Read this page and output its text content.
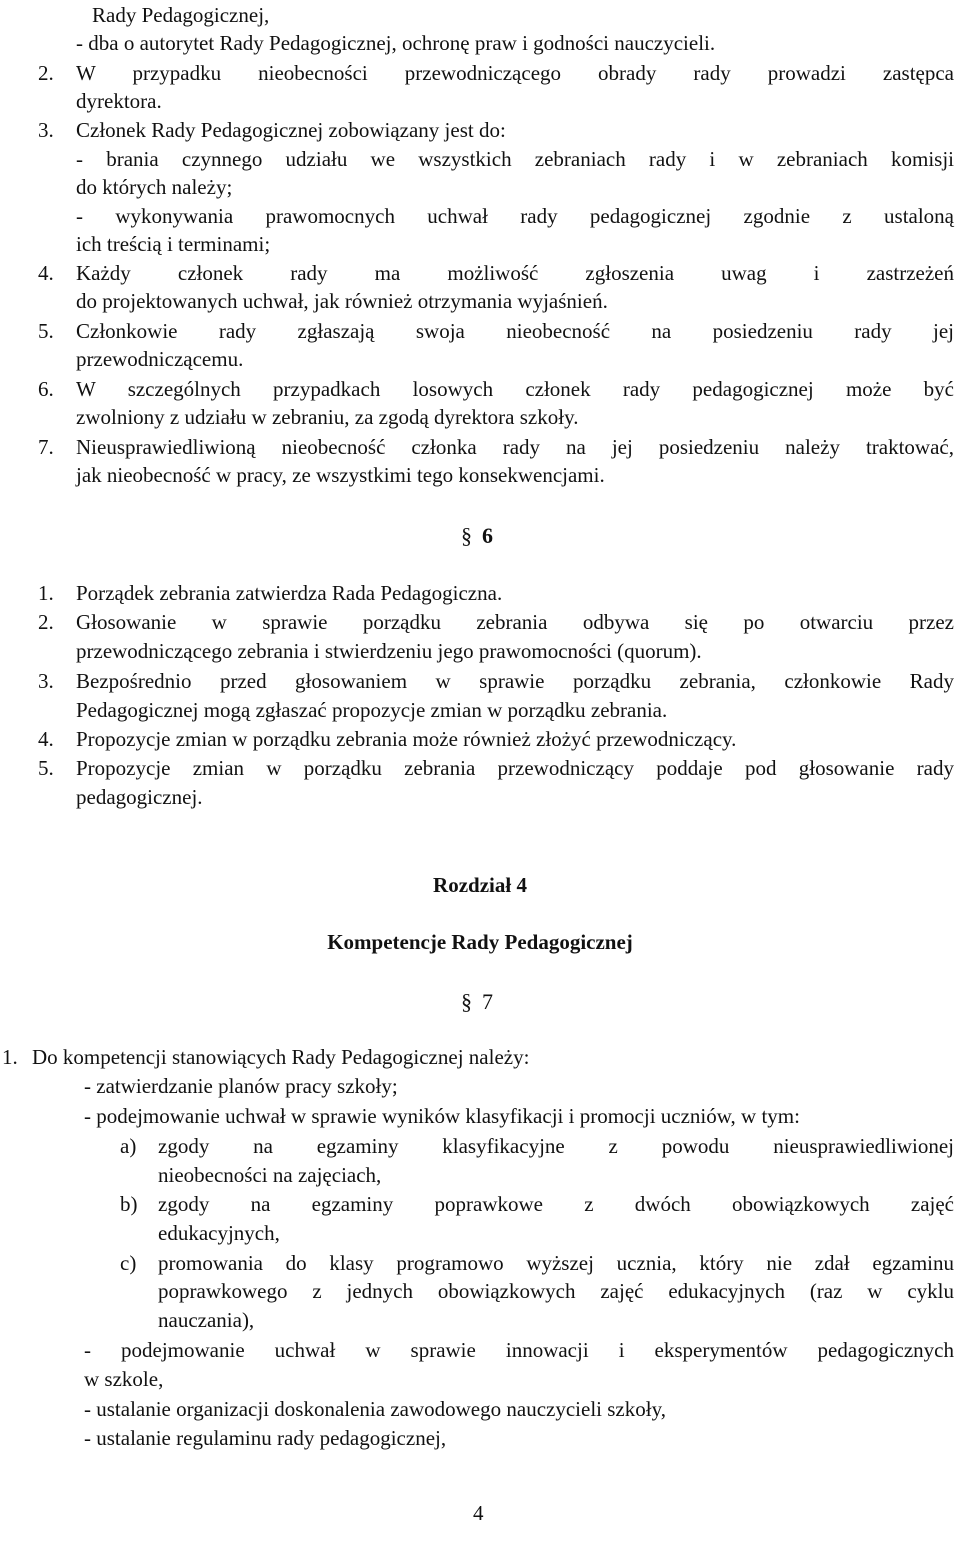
Rady Pedagogicznej,
- dba o autorytet Rady Pedagogicznej, ochronę praw i godności nauczycieli.
2. W przypadku nieobecności przewodniczącego obrady rady prowadzi zastępca
dyrektora.
3. Członek Rady Pedagogicznej zobowiązany jest do:
- brania czynnego udziału we wszystkich zebraniach rady i w zebraniach komisji
do których należy;
- wykonywania prawomocnych uchwał rady pedagogicznej zgodnie z ustaloną
ich treścią i terminami;
4. Każdy członek rady ma możliwość zgłoszenia uwag i zastrzeżeń
do projektowanych uchwał, jak również otrzymania wyjaśnień.
5. Członkowie rady zgłaszają swoja nieobecność na posiedzeniu rady jej
przewodniczącemu.
6. W szczególnych przypadkach losowych członek rady pedagogicznej może być
zwolniony z udziału w zebraniu, za zgodą dyrektora szkoły.
7. Nieusprawiedliwioną nieobecność członka rady na jej posiedzeniu należy traktować,
jak nieobecność w pracy, ze wszystkimi tego konsekwencjami.
§ 6
1. Porządek zebrania zatwierdza Rada Pedagogiczna.
2. Głosowanie w sprawie porządku zebrania odbywa się po otwarciu przez
przewodniczącego zebrania i stwierdzeniu jego prawomocności (quorum).
3. Bezpośrednio przed głosowaniem w sprawie porządku zebrania, członkowie Rady
Pedagogicznej mogą zgłaszać propozycje zmian w porządku zebrania.
4. Propozycje zmian w porządku zebrania może również złożyć przewodniczący.
5. Propozycje zmian w porządku zebrania przewodniczący poddaje pod głosowanie rady
pedagogicznej.
Rozdział 4
Kompetencje Rady Pedagogicznej
§ 7
1. Do kompetencji stanowiących Rady Pedagogicznej należy:
- zatwierdzanie planów pracy szkoły;
- podejmowanie uchwał w sprawie wyników klasyfikacji i promocji uczniów, w tym:
a) zgody na egzaminy klasyfikacyjne z powodu nieusprawiedliwionej
nieobecności na zajęciach,
b) zgody na egzaminy poprawkowe z dwóch obowiązkowych zajęć
edukacyjnych,
c) promowania do klasy programowo wyższej ucznia, który nie zdał egzaminu
poprawkowego z jednych obowiązkowych zajęć edukacyjnych (raz w cyklu
nauczania),
- podejmowanie uchwał w sprawie innowacji i eksperymentów pedagogicznych
w szkole,
- ustalanie organizacji doskonalenia zawodowego nauczycieli szkoły,
- ustalanie regulaminu rady pedagogicznej,
4
